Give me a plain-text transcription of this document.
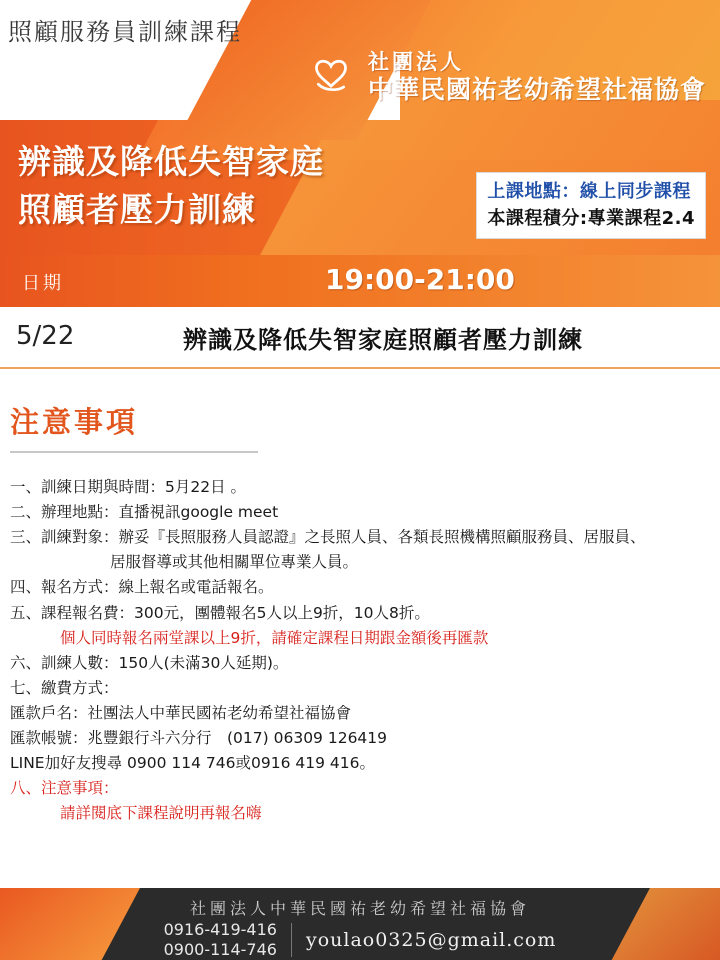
照顧服務員訓練課程
社團法人
中華民國祐老幼希望社福協會
辨識及降低失智家庭
照顧者壓力訓練	上課地點：線上同步課程
本課程積分:專業課程2.4
日期	19:00-21:00
5/22	辨識及降低失智家庭照顧者壓力訓練
注意事項
一、訓練日期與時間：5月22日 。
二、辦理地點：直播視訊google meet
三、訓練對象：辦妥『長照服務人員認證』之長照人員、各類長照機構照顧服務員、居服員、
居服督導或其他相關單位專業人員。
四、報名方式：線上報名或電話報名。
五、課程報名費：300元，團體報名5人以上9折，10人8折。
個人同時報名兩堂課以上9折，請確定課程日期跟金額後再匯款
六、訓練人數：150人(未滿30人延期)。
七、繳費方式：
匯款戶名：社團法人中華民國祐老幼希望社福協會
匯款帳號：兆豐銀行斗六分行　(017) 06309 126419
LINE加好友搜尋 0900 114 746或0916 419 416。
八、注意事項：
請詳閱底下課程說明再報名嗨
社團法人中華民國祐老幼希望社福協會
0916-419-416
0900-114-746 youlao0325@gmail.com
